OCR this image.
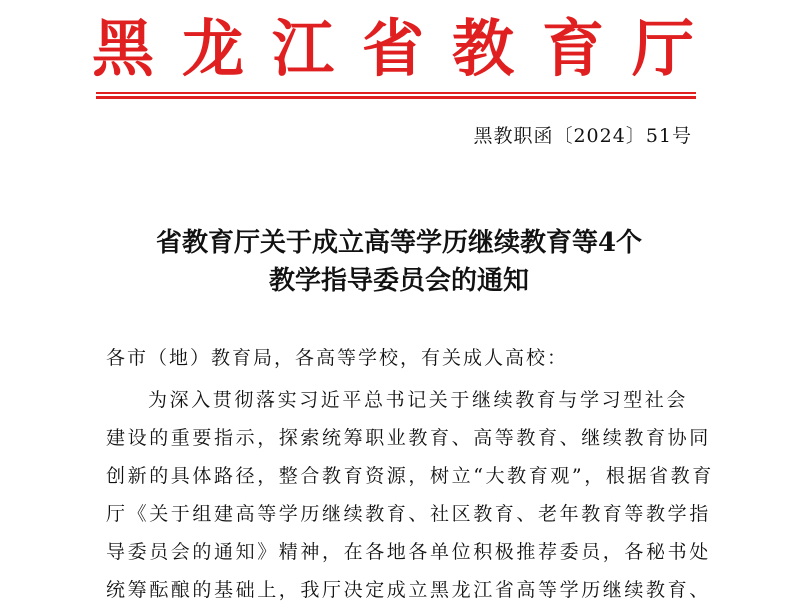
黑龙江省教育厅
黑教职函〔2024〕51号
省教育厅关于成立高等学历继续教育等4个
教学指导委员会的通知
各市（地）教育局，各高等学校，有关成人高校：
为深入贯彻落实习近平总书记关于继续教育与学习型社会
建设的重要指示，探索统筹职业教育、高等教育、继续教育协同
创新的具体路径，整合教育资源，树立“大教育观”，根据省教育
厅《关于组建高等学历继续教育、社区教育、老年教育等教学指
导委员会的通知》精神，在各地各单位积极推荐委员，各秘书处
统筹酝酿的基础上，我厅决定成立黑龙江省高等学历继续教育、
